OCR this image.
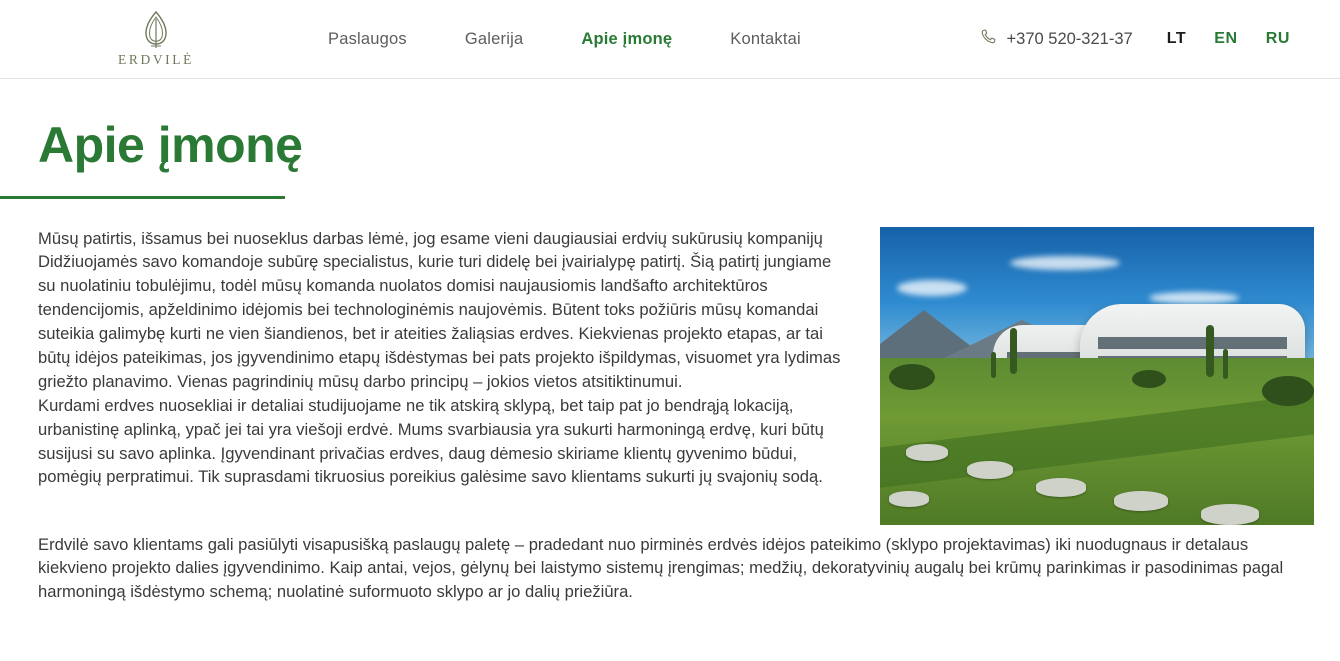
ERDVILĖ
Paslaugos	Galerija	Apie įmonę	Kontaktai	+370 520-321-37 LT EN RU
Apie įmonę

Mūsų patirtis, išsamus bei nuoseklus darbas lėmė, jog esame vieni daugiausiai erdvių sukūrusių kompanijų

Didžiuojamės savo komandoje subūrę specialistus, kurie turi didelę bei įvairialypę patirtį. Šią patirtį jungiame su nuolatiniu tobulėjimu, todėl mūsų komanda nuolatos domisi naujausiomis landšafto architektūros tendencijomis, apželdinimo idėjomis bei technologinėmis naujovėmis. Būtent toks požiūris mūsų komandai suteikia galimybę kurti ne vien šiandienos, bet ir ateities žaliąsias erdves. Kiekvienas projekto etapas, ar tai būtų idėjos pateikimas, jos įgyvendinimo etapų išdėstymas bei pats projekto išpildymas, visuomet yra lydimas griežto planavimo. Vienas pagrindinių mūsų darbo principų – jokios vietos atsitiktinumui.

Kurdami erdves nuosekliai ir detaliai studijuojame ne tik atskirą sklypą, bet taip pat jo bendrąją lokaciją, urbanistinę aplinką, ypač jei tai yra viešoji erdvė. Mums svarbiausia yra sukurti harmoningą erdvę, kuri būtų susijusi su savo aplinka. Įgyvendinant privačias erdves, daug dėmesio skiriame klientų gyvenimo būdui, pomėgių perpratimui. Tik suprasdami tikruosius poreikius galėsime savo klientams sukurti jų svajonių sodą.

Erdvilė savo klientams gali pasiūlyti visapusišką paslaugų paletę – pradedant nuo pirminės erdvės idėjos pateikimo (sklypo projektavimas) iki nuodugnaus ir detalaus kiekvieno projekto dalies įgyvendinimo. Kaip antai, vejos, gėlynų bei laistymo sistemų įrengimas; medžių, dekoratyvinių augalų bei krūmų parinkimas ir pasodinimas pagal harmoningą išdėstymo schemą; nuolatinė suformuoto sklypo ar jo dalių priežiūra.
